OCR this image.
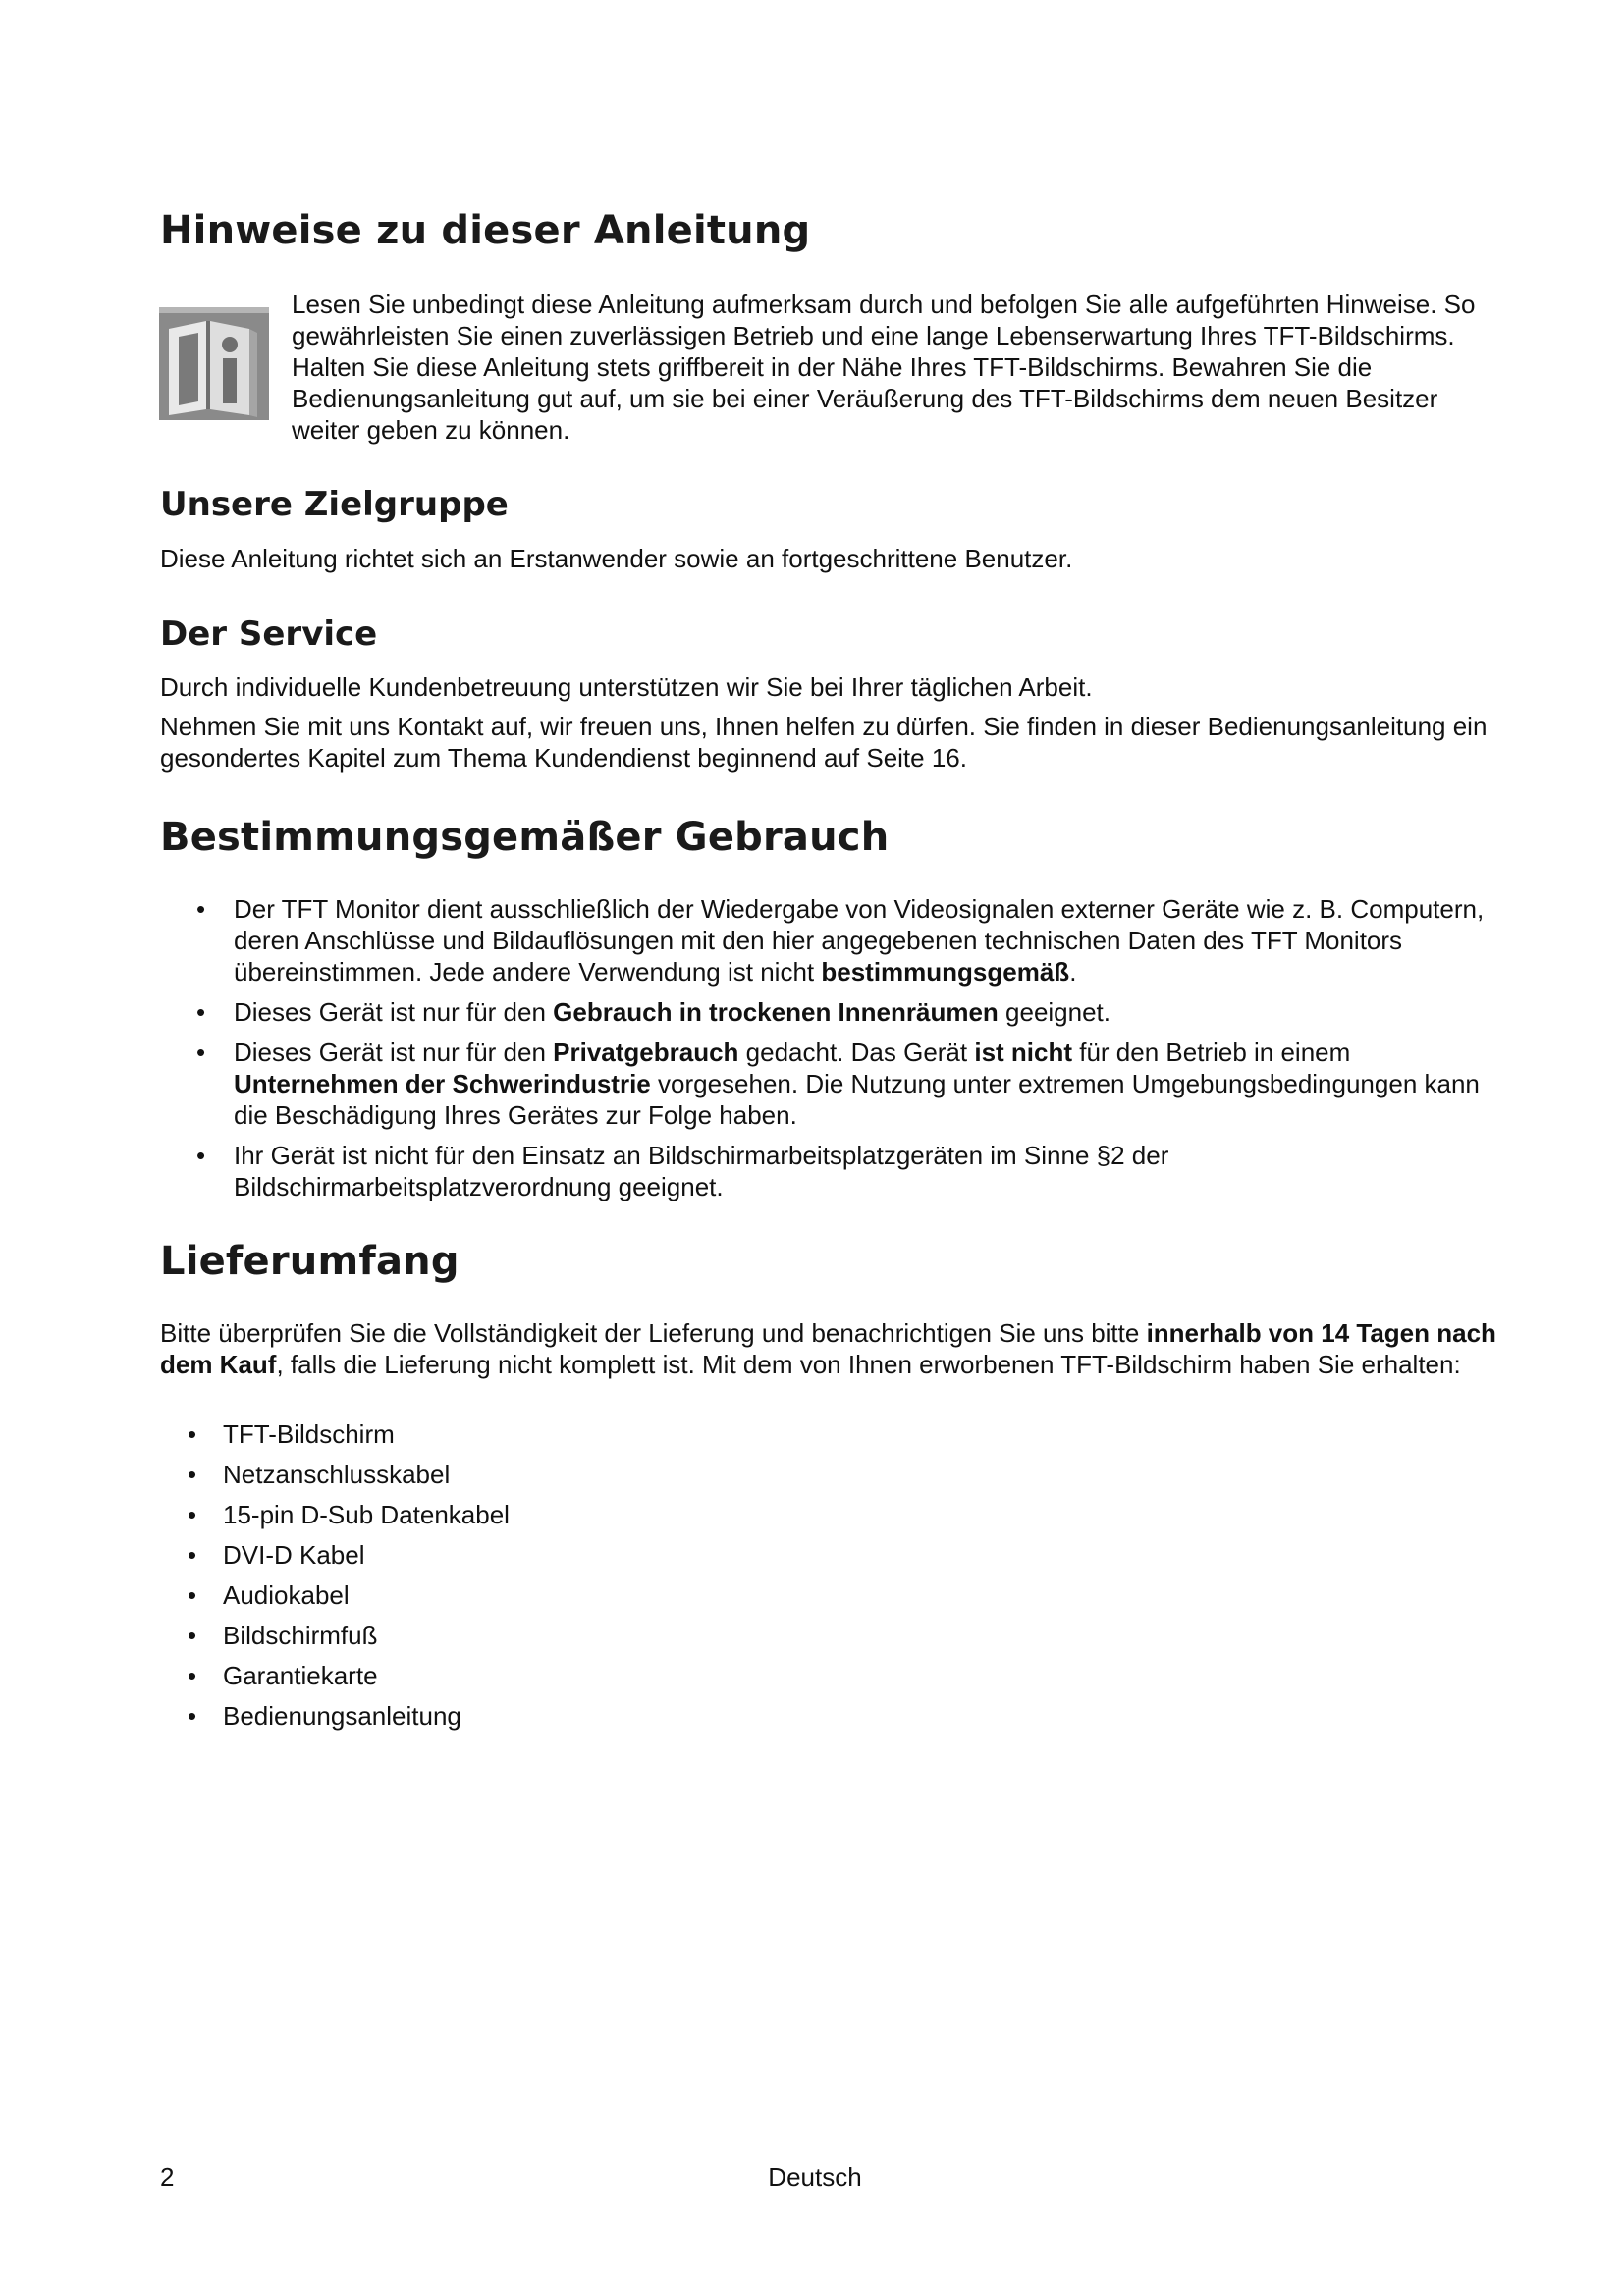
Hinweise zu dieser Anleitung

Lesen Sie unbedingt diese Anleitung aufmerksam durch und befolgen Sie alle aufgeführten Hinweise. So gewährleisten Sie einen zuverlässigen Betrieb und eine lange Lebenserwartung Ihres TFT-Bildschirms. Halten Sie diese Anleitung stets griffbereit in der Nähe Ihres TFT-Bildschirms. Bewahren Sie die Bedienungsanleitung gut auf, um sie bei einer Veräußerung des TFT-Bildschirms dem neuen Besitzer weiter geben zu können.

Unsere Zielgruppe

Diese Anleitung richtet sich an Erstanwender sowie an fortgeschrittene Benutzer.

Der Service

Durch individuelle Kundenbetreuung unterstützen wir Sie bei Ihrer täglichen Arbeit.

Nehmen Sie mit uns Kontakt auf, wir freuen uns, Ihnen helfen zu dürfen. Sie finden in dieser Bedienungsanleitung ein gesondertes Kapitel zum Thema Kundendienst beginnend auf Seite 16.

Bestimmungsgemäßer Gebrauch
• Der TFT Monitor dient ausschließlich der Wiedergabe von Videosignalen externer Geräte wie z. B. Computern, deren Anschlüsse und Bildauflösungen mit den hier angegebenen technischen Daten des TFT Monitors übereinstimmen. Jede andere Verwendung ist nicht bestimmungsgemäß.
• Dieses Gerät ist nur für den Gebrauch in trockenen Innenräumen geeignet.
• Dieses Gerät ist nur für den Privatgebrauch gedacht. Das Gerät ist nicht für den Betrieb in einem Unternehmen der Schwerindustrie vorgesehen. Die Nutzung unter extremen Umgebungsbedingungen kann die Beschädigung Ihres Gerätes zur Folge haben.
• Ihr Gerät ist nicht für den Einsatz an Bildschirmarbeitsplatzgeräten im Sinne §2 der Bildschirmarbeitsplatzverordnung geeignet.
Lieferumfang

Bitte überprüfen Sie die Vollständigkeit der Lieferung und benachrichtigen Sie uns bitte innerhalb von 14 Tagen nach dem Kauf, falls die Lieferung nicht komplett ist. Mit dem von Ihnen erworbenen TFT-Bildschirm haben Sie erhalten:

• TFT-Bildschirm
• Netzanschlusskabel
• 15-pin D-Sub Datenkabel
• DVI-D Kabel
• Audiokabel
• Bildschirmfuß
• Garantiekarte
• Bedienungsanleitung
2	Deutsch
